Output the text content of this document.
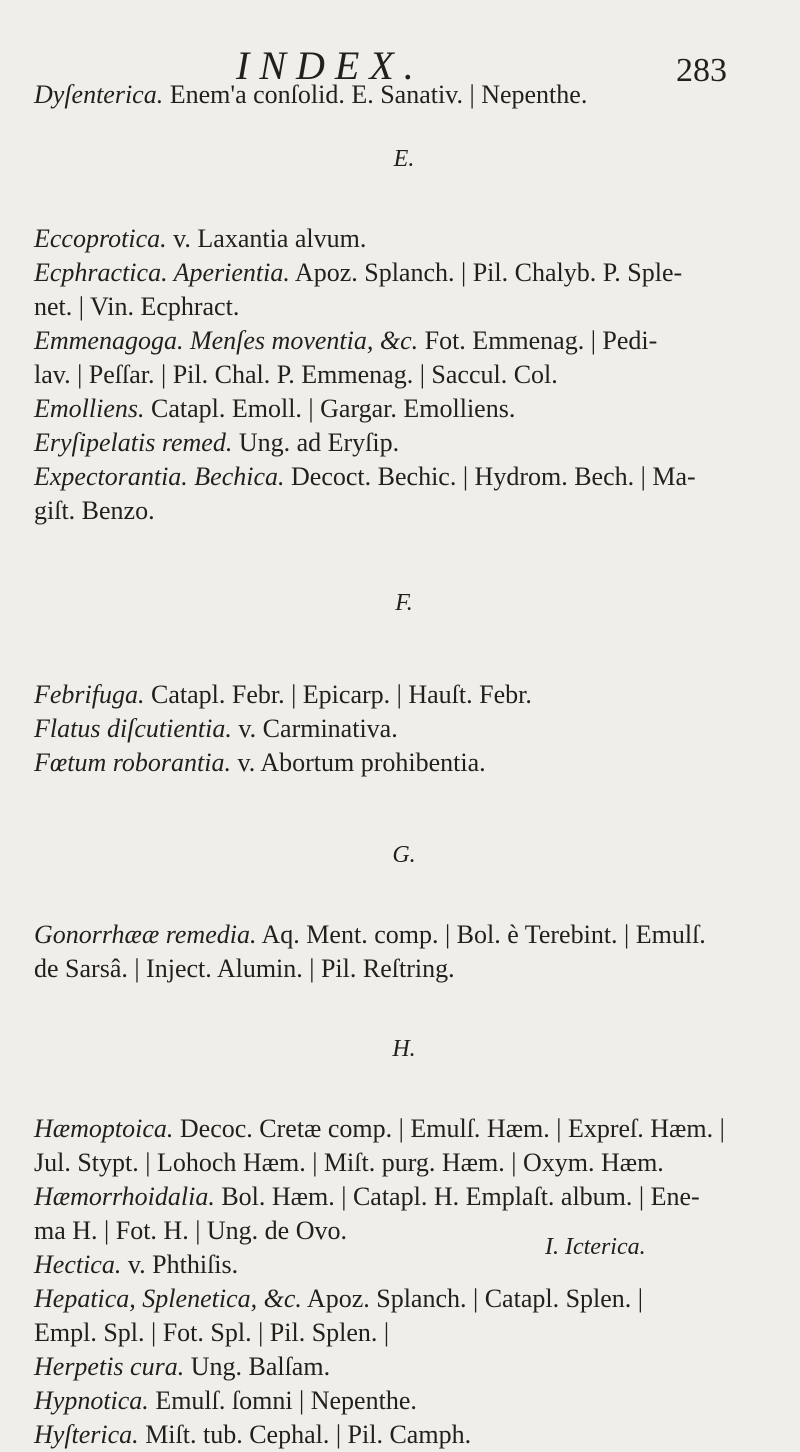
INDEX.	283
Dyſenterica. Enem'a conſolid. E. Sanativ. | Nepenthe.
E.
Eccoprotica. v. Laxantia alvum.
Ecphractica. Aperientia. Apoz. Splanch. | Pil. Chalyb. P. Sple-
net. | Vin. Ecphract.
Emmenagoga. Menſes moventia, &c. Fot. Emmenag. | Pedi-
lav. | Peſſar. | Pil. Chal. P. Emmenag. | Saccul. Col.
Emolliens. Catapl. Emoll. | Gargar. Emolliens.
Eryſipelatis remed. Ung. ad Eryſip.
Expectorantia. Bechica. Decoct. Bechic. | Hydrom. Bech. | Ma-
giſt. Benzo.
F.
Febrifuga. Catapl. Febr. | Epicarp. | Hauſt. Febr.
Flatus diſcutientia. v. Carminativa.
Fœtum roborantia. v. Abortum prohibentia.
G.
Gonorrhææ remedia. Aq. Ment. comp. | Bol. è Terebint. | Emulſ.
de Sarsâ. | Inject. Alumin. | Pil. Reſtring.
H.
Hæmoptoica. Decoc. Cretæ comp. | Emulſ. Hæm. | Expreſ. Hæm. |
Jul. Stypt. | Lohoch Hæm. | Miſt. purg. Hæm. | Oxym. Hæm.
Hæmorrhoidalia. Bol. Hæm. | Catapl. H. Emplaſt. album. | Ene-
ma H. | Fot. H. | Ung. de Ovo.
Hectica. v. Phthiſis.
Hepatica, Splenetica, &c. Apoz. Splanch. | Catapl. Splen. |
Empl. Spl. | Fot. Spl. | Pil. Splen. |
Herpetis cura. Ung. Balſam.
Hypnotica. Emulſ. ſomni | Nepenthe.
Hyſterica. Miſt. tub. Cephal. | Pil. Camph.
I. Icterica.
